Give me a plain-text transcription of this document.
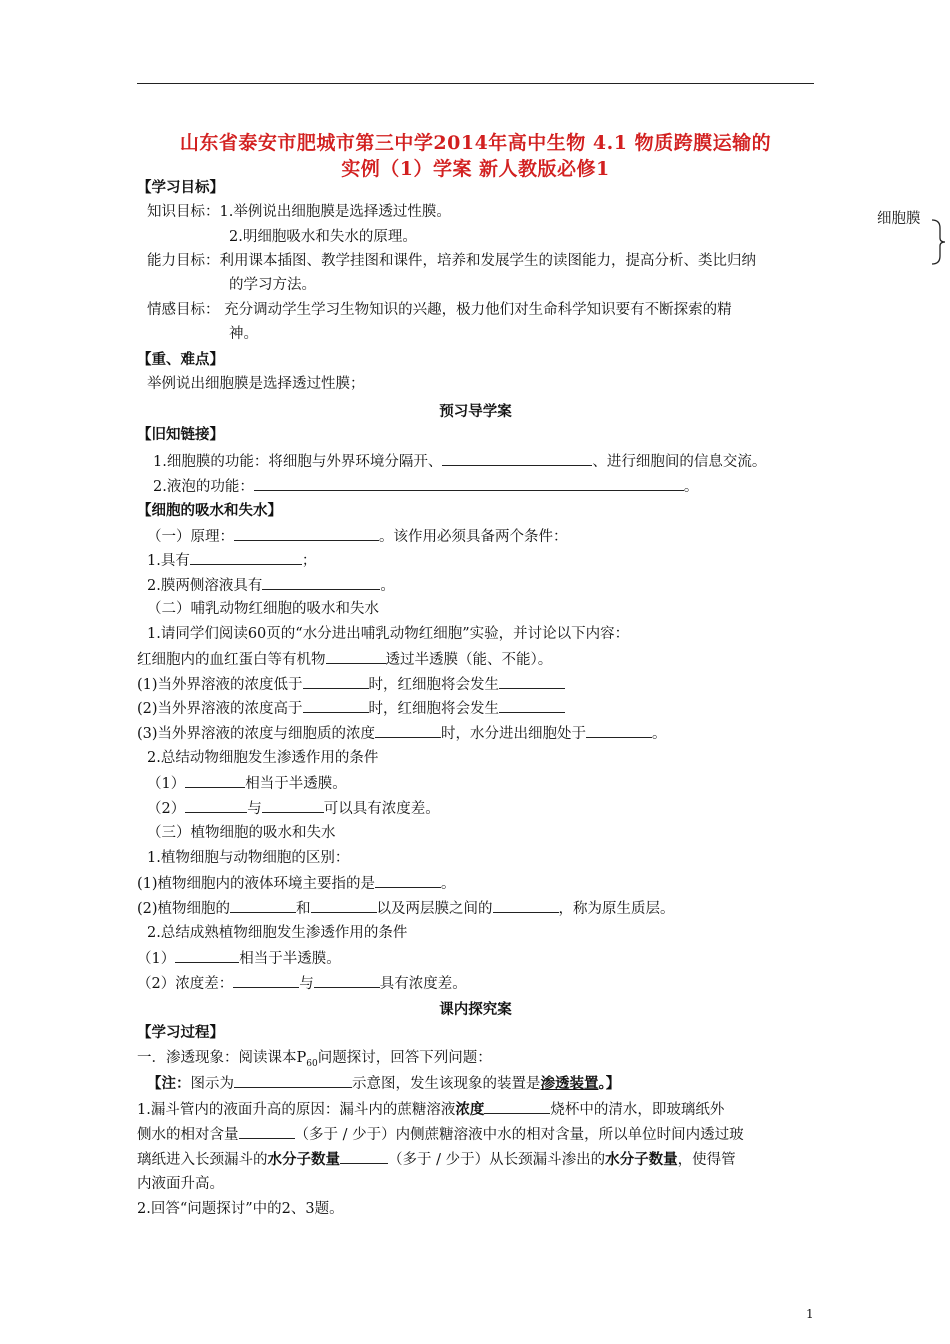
山东省泰安市肥城市第三中学2014年高中生物 4.1 物质跨膜运输的
实例（1）学案 新人教版必修1
【学习目标】
知识目标：1.举例说出细胞膜是选择透过性膜。
2.明细胞吸水和失水的原理。
能力目标：利用课本插图、教学挂图和课件，培养和发展学生的读图能力，提高分析、类比归纳
的学习方法。
情感目标： 充分调动学生学习生物知识的兴趣，极力他们对生命科学知识要有不断探索的精
神。
【重、难点】
举例说出细胞膜是选择透过性膜；
预习导学案
【旧知链接】
1.细胞膜的功能：将细胞与外界环境分隔开、	、进行细胞间的信息交流。
2.液泡的功能：	。
【细胞的吸水和失水】
（一）原理：	。该作用必须具备两个条件：
1.具有	；
2.膜两侧溶液具有	。
（二）哺乳动物红细胞的吸水和失水
1.请同学们阅读60页的“水分进出哺乳动物红细胞”实验，并讨论以下内容：
红细胞内的血红蛋白等有机物	透过半透膜（能、不能）。
(1)当外界溶液的浓度低于	时，红细胞将会发生
(2)当外界溶液的浓度高于	时，红细胞将会发生
(3)当外界溶液的浓度与细胞质的浓度	时，水分进出细胞处于	。
2.总结动物细胞发生渗透作用的条件
（1）	相当于半透膜。
（2）	与	可以具有浓度差。
（三）植物细胞的吸水和失水
1.植物细胞与动物细胞的区别：
(1)植物细胞内的液体环境主要指的是	。
(2)植物细胞的	和	以及两层膜之间的	，称为原生质层。
2.总结成熟植物细胞发生渗透作用的条件
（1）	相当于半透膜。
（2）浓度差：	与	具有浓度差。
课内探究案
【学习过程】
一．渗透现象：阅读课本$P_{60}$问题探讨，回答下列问题：
【注：图示为	示意图，发生该现象的装置是渗透装置。】
1.漏斗管内的液面升高的原因：漏斗内的蔗糖溶液浓度	烧杯中的清水，即玻璃纸外
侧水的相对含量	（多于 / 少于）内侧蔗糖溶液中水的相对含量，所以单位时间内透过玻
璃纸进入长颈漏斗的水分子数量	（多于 / 少于）从长颈漏斗渗出的水分子数量，使得管
内液面升高。
2.回答“问题探讨”中的2、3题。
细胞膜
1
